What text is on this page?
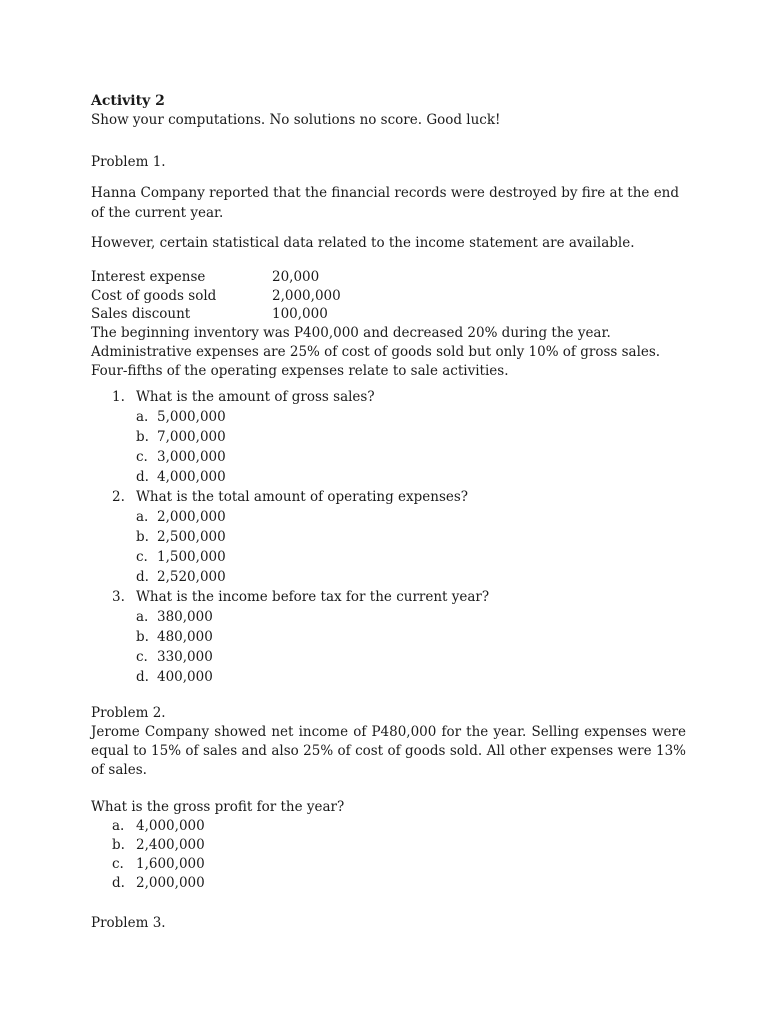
Activity 2

Show your computations. No solutions no score. Good luck!

Problem 1.

Hanna Company reported that the financial records were destroyed by fire at the end of the current year.

However, certain statistical data related to the income statement are available.

Interest expense	20,000
Cost of goods sold	2,000,000
Sales discount	100,000

The beginning inventory was P400,000 and decreased 20% during the year.

Administrative expenses are 25% of cost of goods sold but only 10% of gross sales.

Four-fifths of the operating expenses relate to sale activities.

1. What is the amount of gross sales?
a. 5,000,000
b. 7,000,000
c. 3,000,000
d. 4,000,000
2. What is the total amount of operating expenses?
a. 2,000,000
b. 2,500,000
c. 1,500,000
d. 2,520,000
3. What is the income before tax for the current year?
a. 380,000
b. 480,000
c. 330,000
d. 400,000

Problem 2.

Jerome Company showed net income of P480,000 for the year. Selling expenses were equal to 15% of sales and also 25% of cost of goods sold. All other expenses were 13% of sales.

What is the gross profit for the year?

a. 4,000,000
b. 2,400,000
c. 1,600,000
d. 2,000,000

Problem 3.
